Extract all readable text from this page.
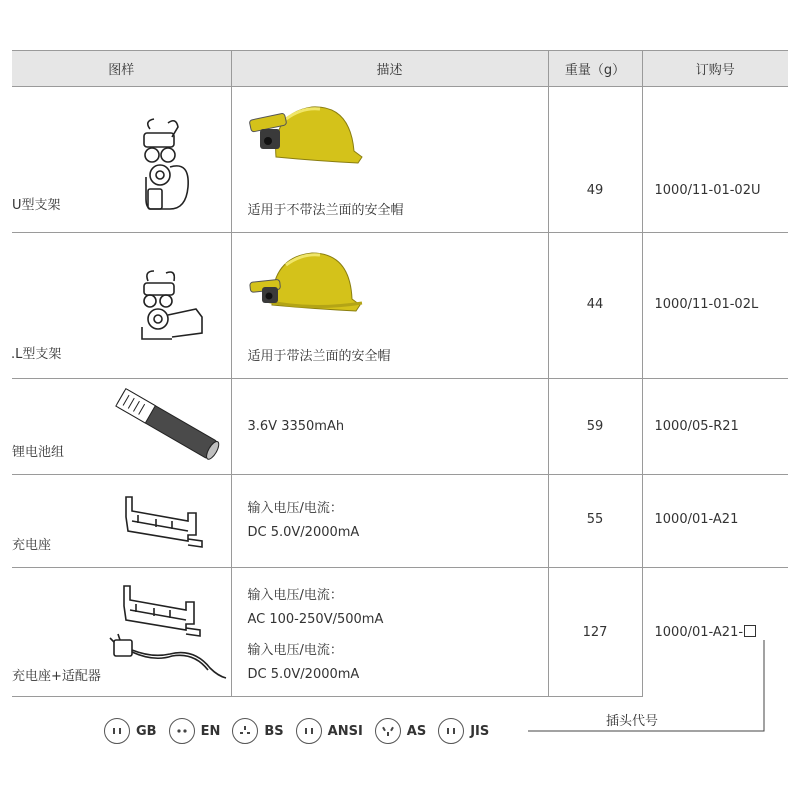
图样	描述	重量（g）	订购号

U型支架	适用于不带法兰面的安全帽	49	1000/11-01-02U

.L型支架	适用于带法兰面的安全帽	44	1000/11-01-02L

锂电池组	3.6V 3350mAh	59	1000/05-R21

充电座	输入电压/电流：
DC 5.0V/2000mA	55	1000/01-A21

充电座+适配器	输入电压/电流：
AC 100-250V/500mA
输入电压/电流：
DC 5.0V/2000mA	127	1000/01-A21-
插头代号
GB	EN	BS	ANSI	AS	JIS
